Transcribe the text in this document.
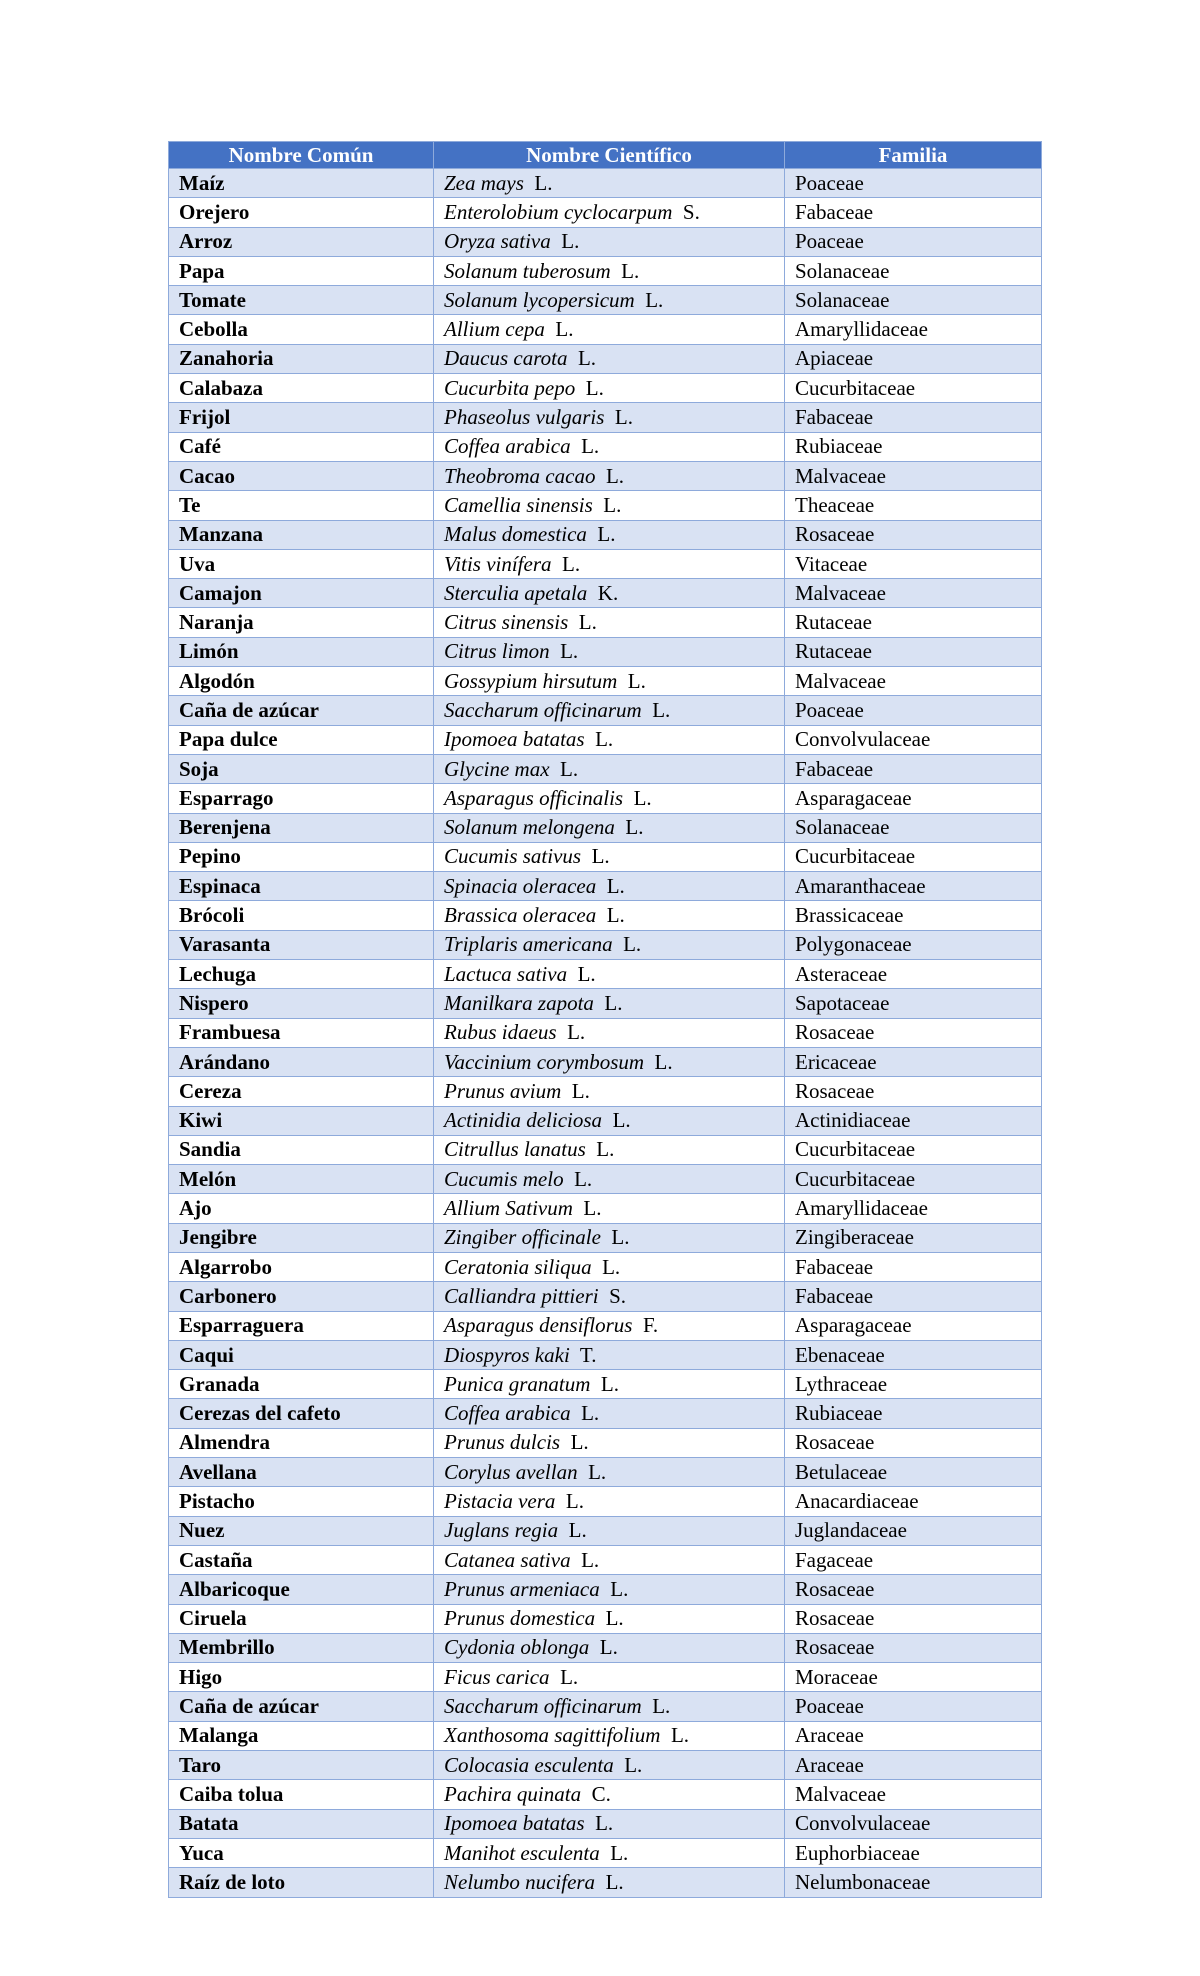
Nombre Común	Nombre Científico	Familia
Maíz	Zea mays L.	Poaceae
Orejero	Enterolobium cyclocarpum S.	Fabaceae
Arroz	Oryza sativa L.	Poaceae
Papa	Solanum tuberosum L.	Solanaceae
Tomate	Solanum lycopersicum L.	Solanaceae
Cebolla	Allium cepa L.	Amaryllidaceae
Zanahoria	Daucus carota L.	Apiaceae
Calabaza	Cucurbita pepo L.	Cucurbitaceae
Frijol	Phaseolus vulgaris L.	Fabaceae
Café	Coffea arabica L.	Rubiaceae
Cacao	Theobroma cacao L.	Malvaceae
Te	Camellia sinensis L.	Theaceae
Manzana	Malus domestica L.	Rosaceae
Uva	Vitis vinífera L.	Vitaceae
Camajon	Sterculia apetala K.	Malvaceae
Naranja	Citrus sinensis L.	Rutaceae
Limón	Citrus limon L.	Rutaceae
Algodón	Gossypium hirsutum L.	Malvaceae
Caña de azúcar	Saccharum officinarum L.	Poaceae
Papa dulce	Ipomoea batatas L.	Convolvulaceae
Soja	Glycine max L.	Fabaceae
Esparrago	Asparagus officinalis L.	Asparagaceae
Berenjena	Solanum melongena L.	Solanaceae
Pepino	Cucumis sativus L.	Cucurbitaceae
Espinaca	Spinacia oleracea L.	Amaranthaceae
Brócoli	Brassica oleracea L.	Brassicaceae
Varasanta	Triplaris americana L.	Polygonaceae
Lechuga	Lactuca sativa L.	Asteraceae
Nispero	Manilkara zapota L.	Sapotaceae
Frambuesa	Rubus idaeus L.	Rosaceae
Arándano	Vaccinium corymbosum L.	Ericaceae
Cereza	Prunus avium L.	Rosaceae
Kiwi	Actinidia deliciosa L.	Actinidiaceae
Sandia	Citrullus lanatus L.	Cucurbitaceae
Melón	Cucumis melo L.	Cucurbitaceae
Ajo	Allium Sativum L.	Amaryllidaceae
Jengibre	Zingiber officinale L.	Zingiberaceae
Algarrobo	Ceratonia siliqua L.	Fabaceae
Carbonero	Calliandra pittieri S.	Fabaceae
Esparraguera	Asparagus densiflorus F.	Asparagaceae
Caqui	Diospyros kaki T.	Ebenaceae
Granada	Punica granatum L.	Lythraceae
Cerezas del cafeto	Coffea arabica L.	Rubiaceae
Almendra	Prunus dulcis L.	Rosaceae
Avellana	Corylus avellan L.	Betulaceae
Pistacho	Pistacia vera L.	Anacardiaceae
Nuez	Juglans regia L.	Juglandaceae
Castaña	Catanea sativa L.	Fagaceae
Albaricoque	Prunus armeniaca L.	Rosaceae
Ciruela	Prunus domestica L.	Rosaceae
Membrillo	Cydonia oblonga L.	Rosaceae
Higo	Ficus carica L.	Moraceae
Caña de azúcar	Saccharum officinarum L.	Poaceae
Malanga	Xanthosoma sagittifolium L.	Araceae
Taro	Colocasia esculenta L.	Araceae
Caiba tolua	Pachira quinata C.	Malvaceae
Batata	Ipomoea batatas L.	Convolvulaceae
Yuca	Manihot esculenta L.	Euphorbiaceae
Raíz de loto	Nelumbo nucifera L.	Nelumbonaceae
